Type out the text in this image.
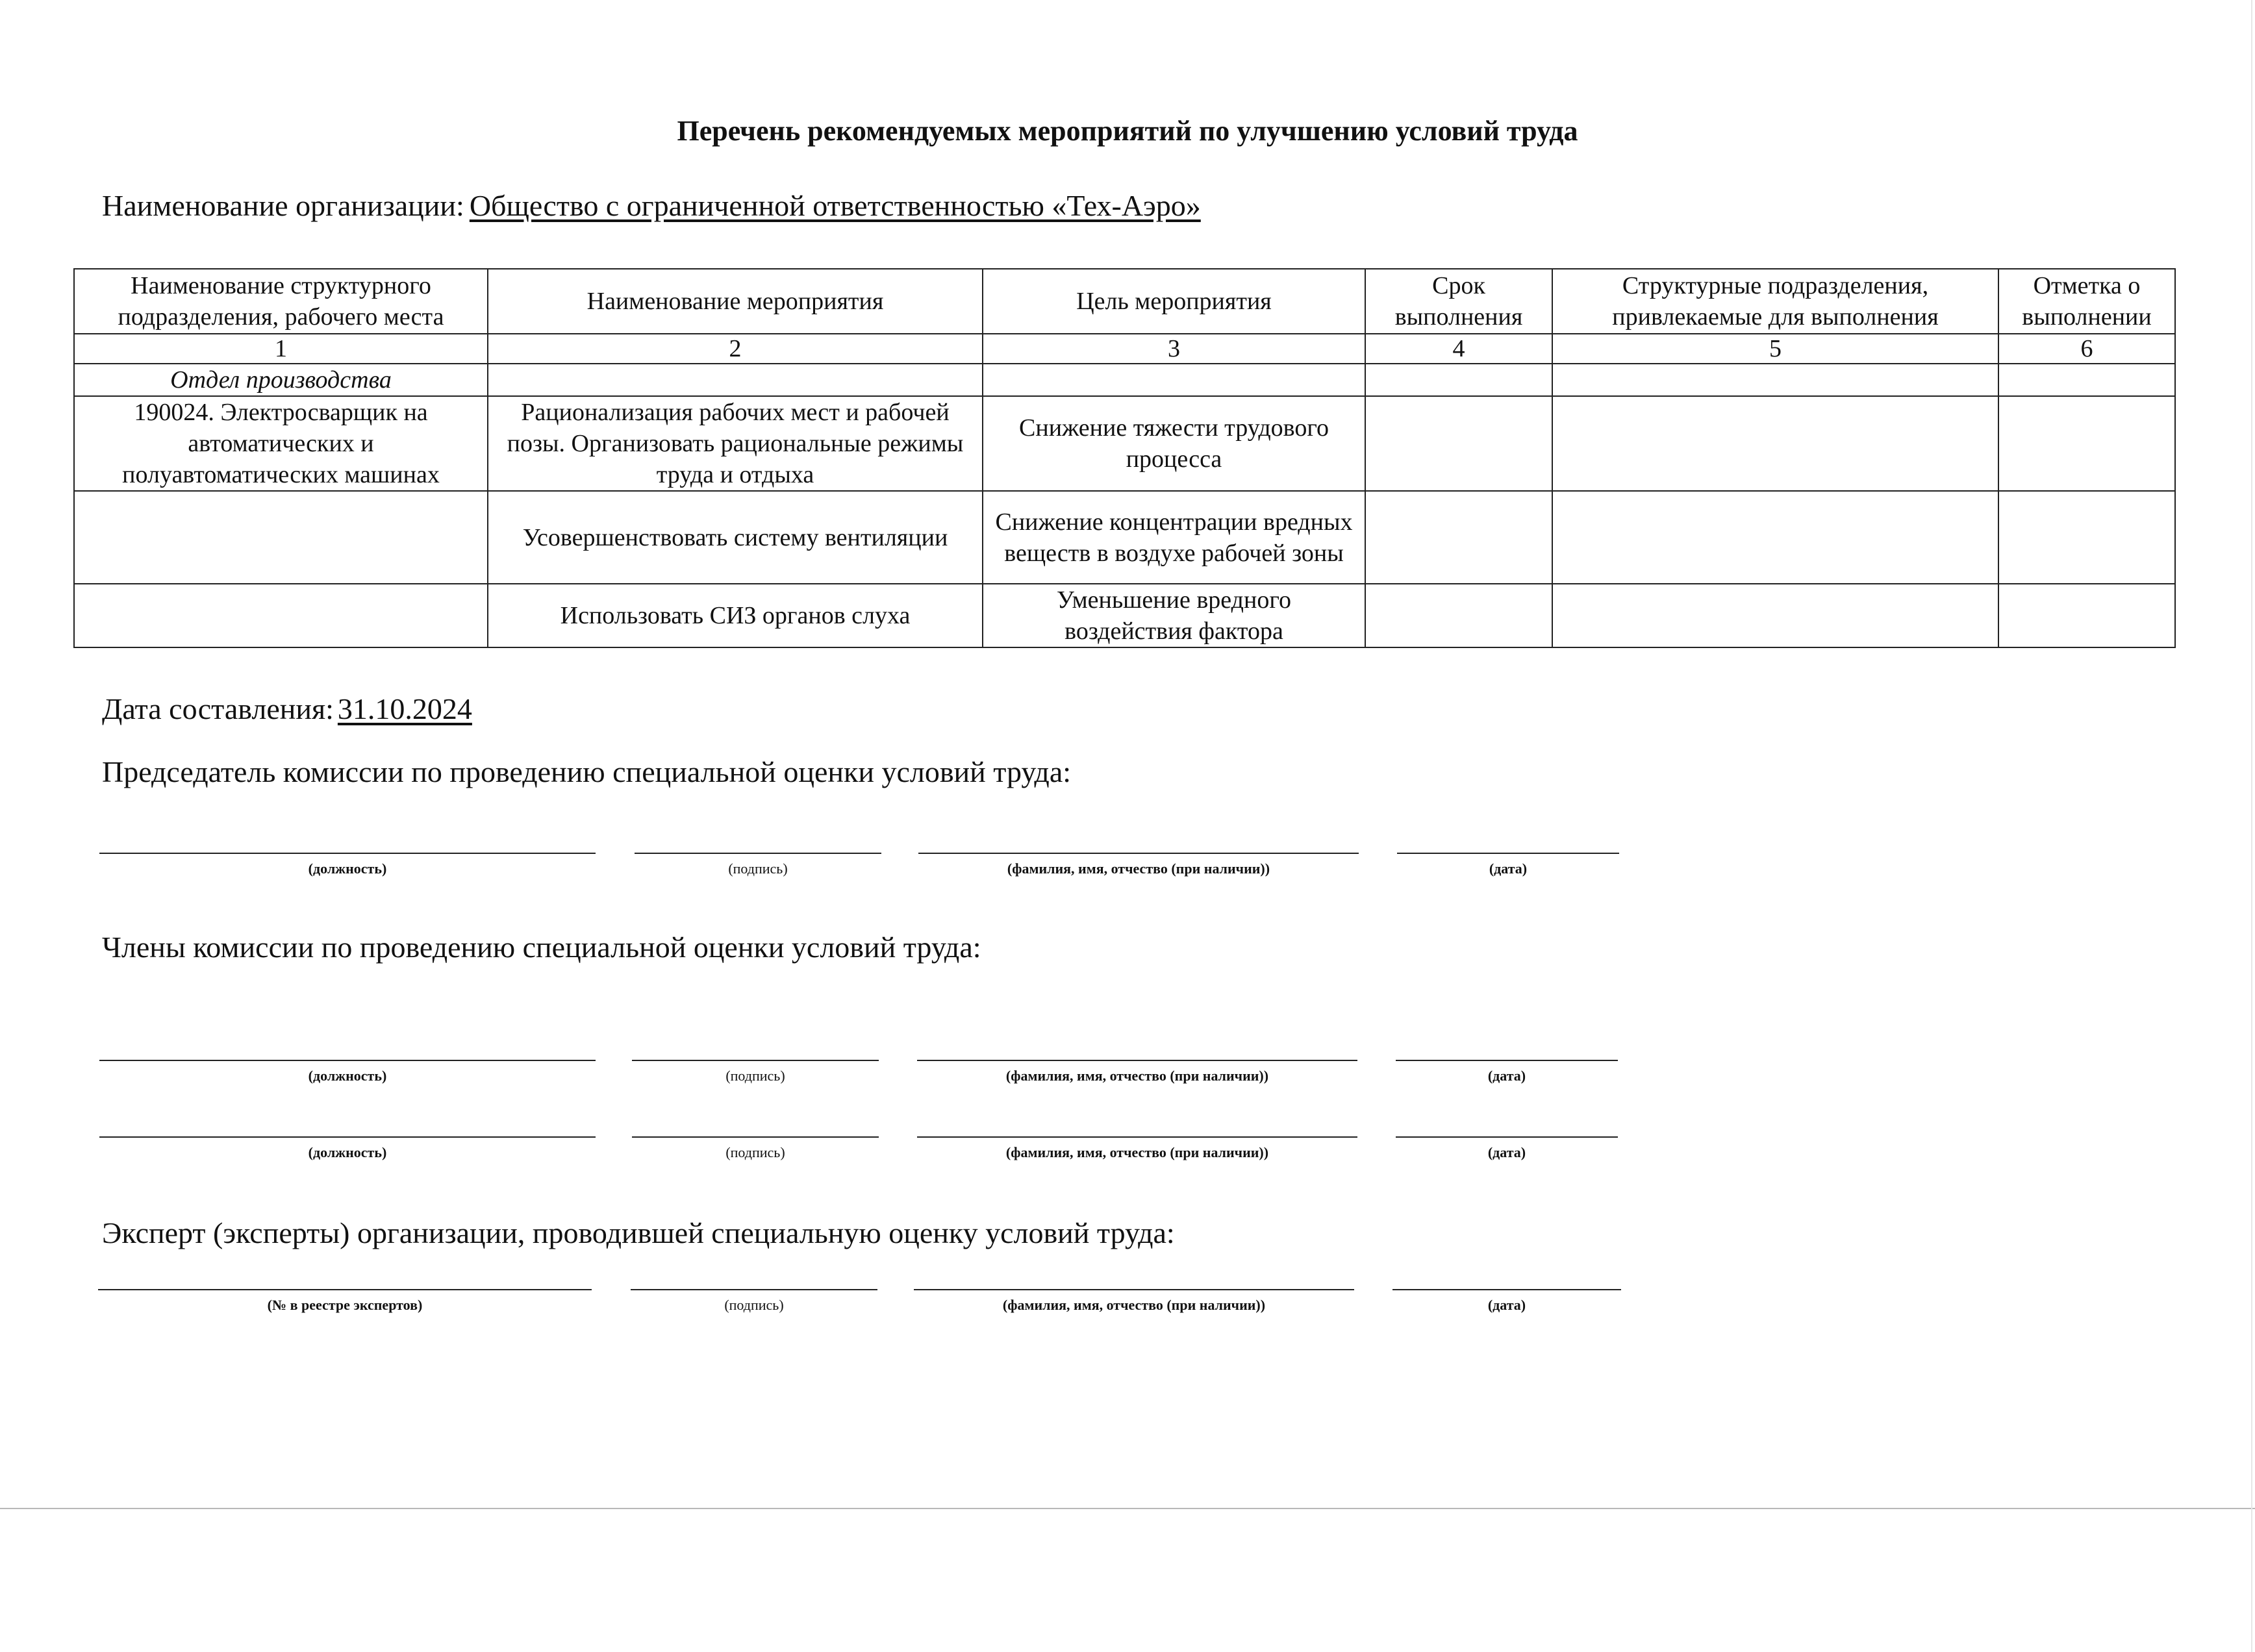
Перечень рекомендуемых мероприятий по улучшению условий труда
Наименование организации: Общество с ограниченной ответственностью «Тех-Аэро»
Наименование структурного подразделения, рабочего места	Наименование мероприятия	Цель мероприятия	Срок выполнения	Структурные подразделения, привлекаемые для выполнения	Отметка о выполнении
1	2	3	4	5	6
Отдел производства					
190024. Электросварщик на автоматических и полуавтоматических машинах	Рационализация рабочих мест и рабочей позы. Организовать рациональные режимы труда и отдыха	Снижение тяжести трудового процесса			
	Усовершенствовать систему вентиляции	Снижение концентрации вредных веществ в воздухе рабочей зоны			
	Использовать СИЗ органов слуха	Уменьшение вредного воздействия фактора			
Дата составления: 31.10.2024
Председатель комиссии по проведению специальной оценки условий труда:
(должность)	(подпись)	(фамилия, имя, отчество (при наличии))	(дата)
Члены комиссии по проведению специальной оценки условий труда:
(должность)	(подпись)	(фамилия, имя, отчество (при наличии))	(дата)
(должность)	(подпись)	(фамилия, имя, отчество (при наличии))	(дата)
Эксперт (эксперты) организации, проводившей специальную оценку условий труда:
(№ в реестре экспертов)	(подпись)	(фамилия, имя, отчество (при наличии))	(дата)
